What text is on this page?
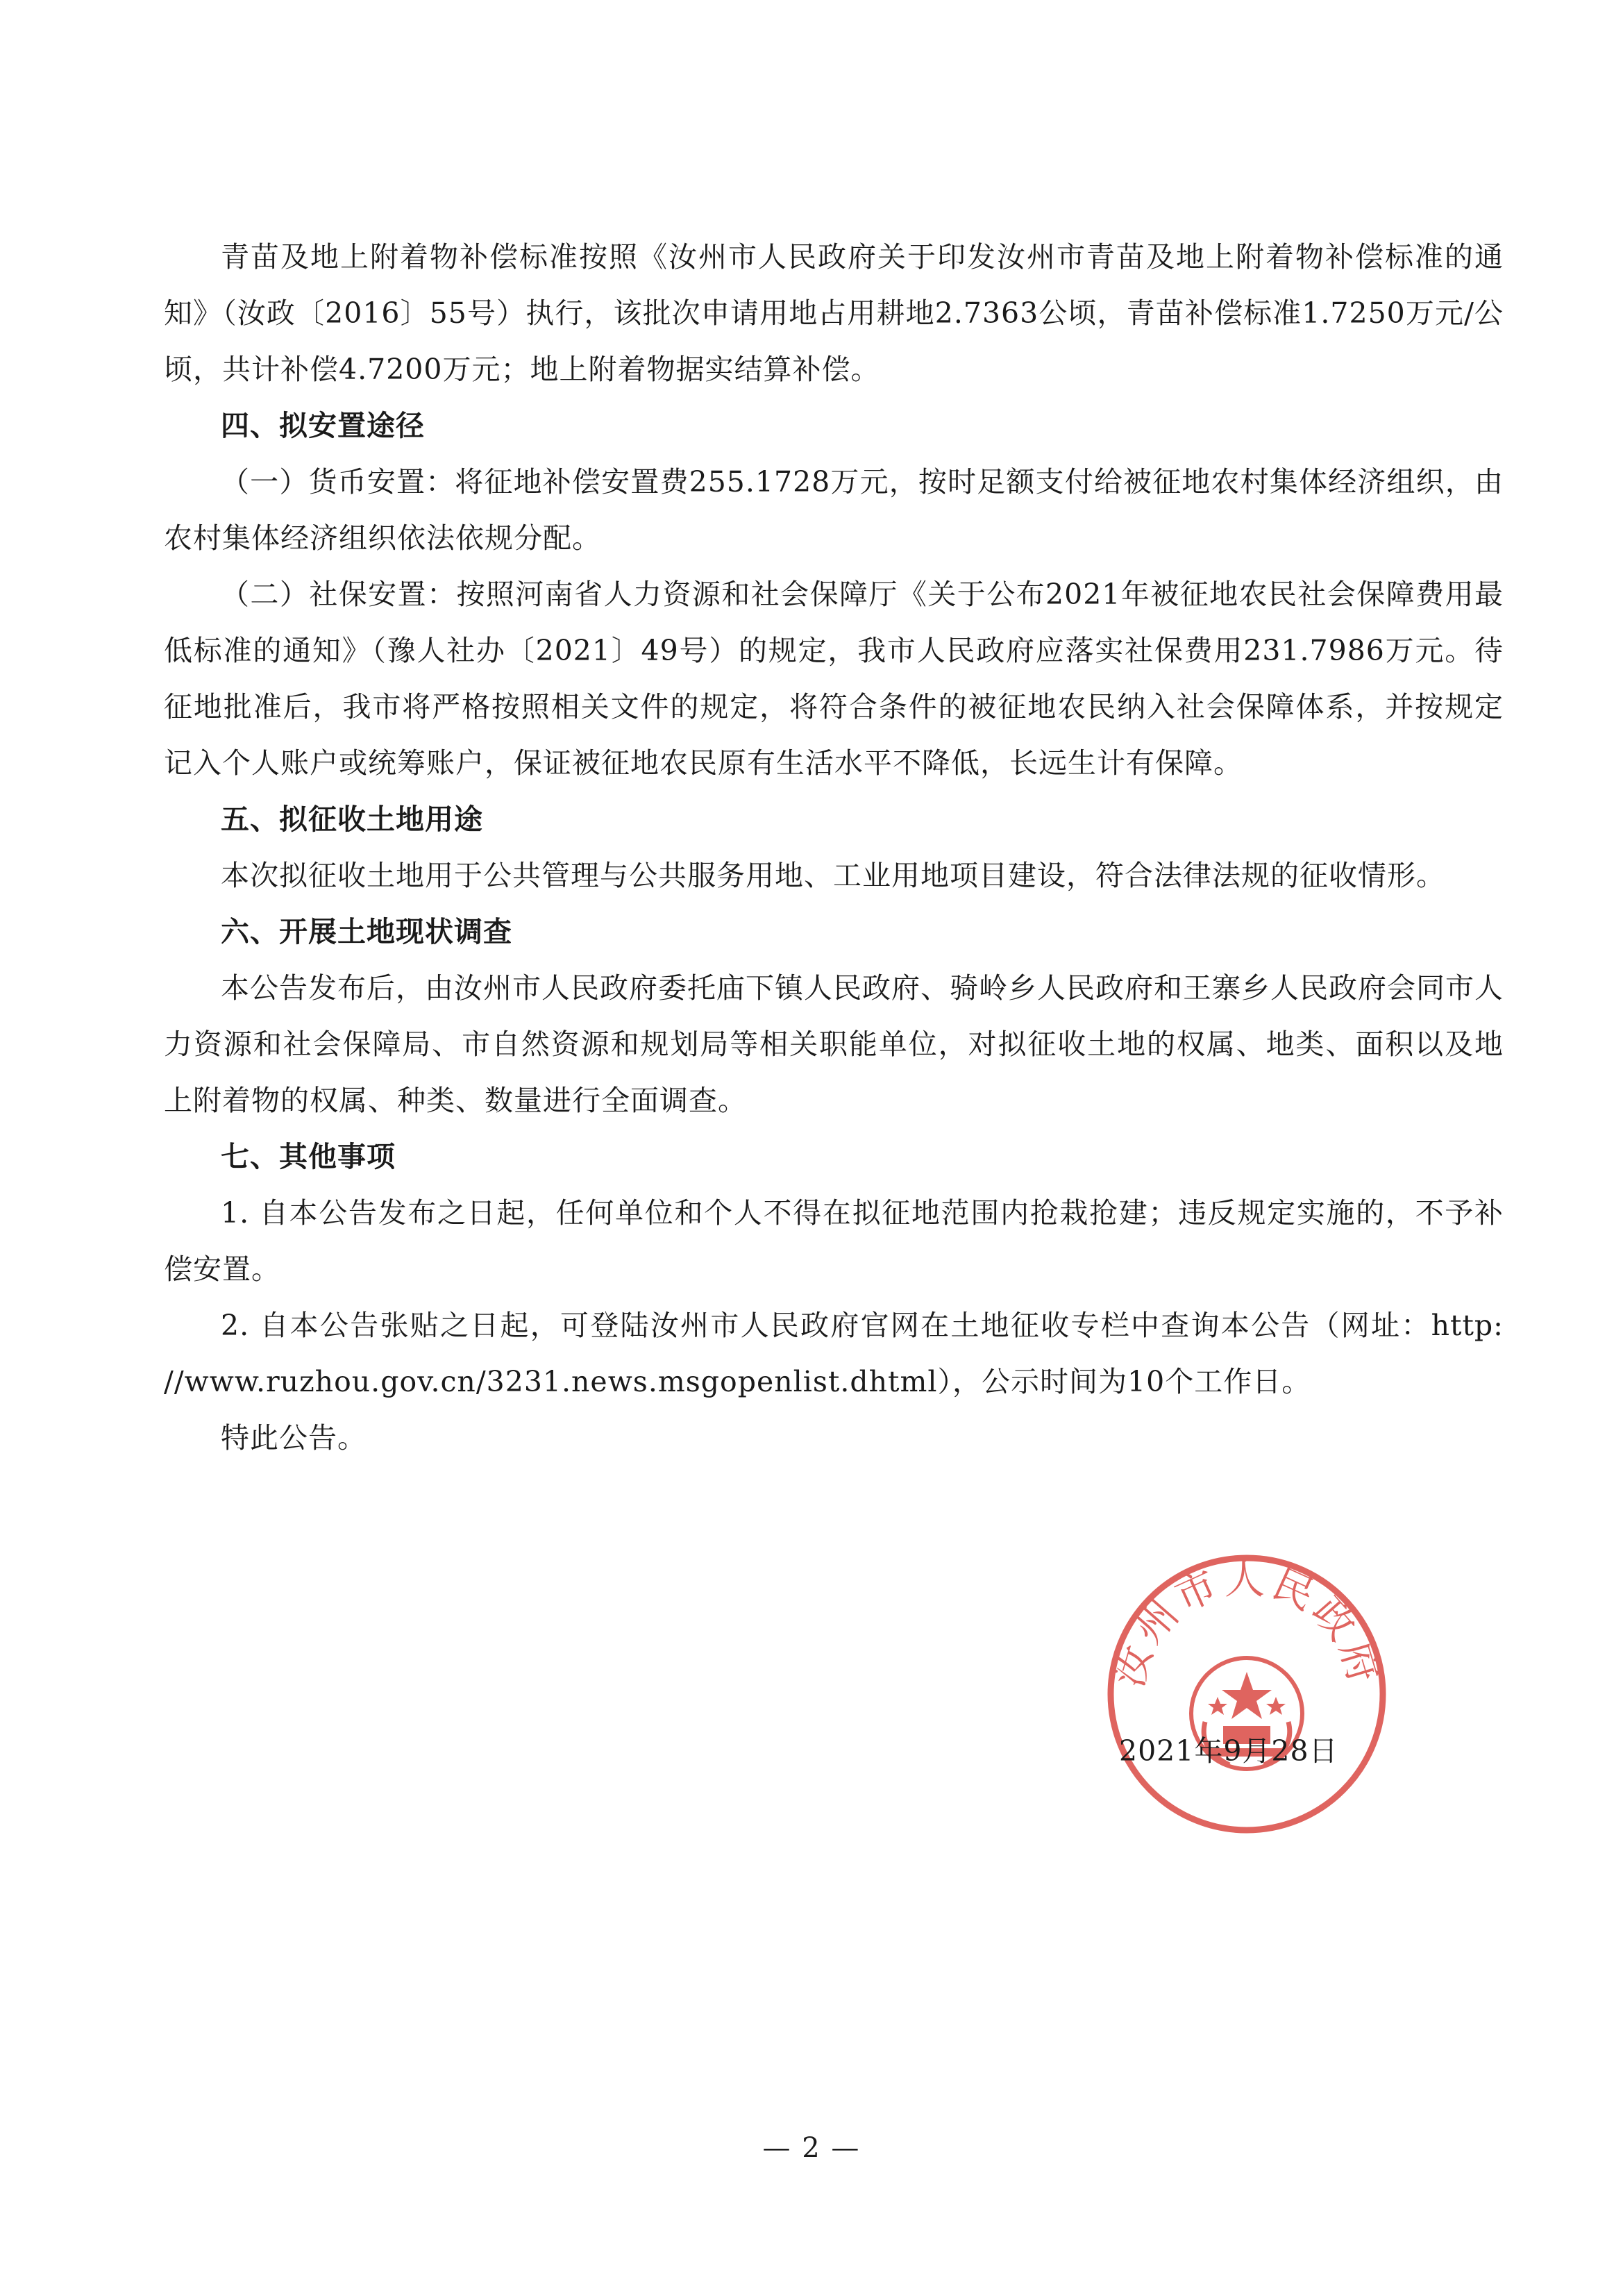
青苗及地上附着物补偿标准按照《汝州市人民政府关于印发汝州市青苗及地上附着物补偿标准的通知》（汝政〔2016〕55号）执行，该批次申请用地占用耕地2.7363公顷，青苗补偿标准1.7250万元/公顷，共计补偿4.7200万元；地上附着物据实结算补偿。

四、拟安置途径

（一）货币安置：将征地补偿安置费255.1728万元，按时足额支付给被征地农村集体经济组织，由农村集体经济组织依法依规分配。

（二）社保安置：按照河南省人力资源和社会保障厅《关于公布2021年被征地农民社会保障费用最低标准的通知》（豫人社办〔2021〕49号）的规定，我市人民政府应落实社保费用231.7986万元。待征地批准后，我市将严格按照相关文件的规定，将符合条件的被征地农民纳入社会保障体系，并按规定记入个人账户或统筹账户，保证被征地农民原有生活水平不降低，长远生计有保障。

五、拟征收土地用途

本次拟征收土地用于公共管理与公共服务用地、工业用地项目建设，符合法律法规的征收情形。

六、开展土地现状调查

本公告发布后，由汝州市人民政府委托庙下镇人民政府、骑岭乡人民政府和王寨乡人民政府会同市人力资源和社会保障局、市自然资源和规划局等相关职能单位，对拟征收土地的权属、地类、面积以及地上附着物的权属、种类、数量进行全面调查。

七、其他事项

1. 自本公告发布之日起，任何单位和个人不得在拟征地范围内抢栽抢建；违反规定实施的，不予补偿安置。

2. 自本公告张贴之日起，可登陆汝州市人民政府官网在土地征收专栏中查询本公告（网址：http: //www.ruzhou.gov.cn/3231.news.msgopenlist.dhtml），公示时间为10个工作日。

特此公告。

汝州市人民政府
2021年9月28日
— 2 —
